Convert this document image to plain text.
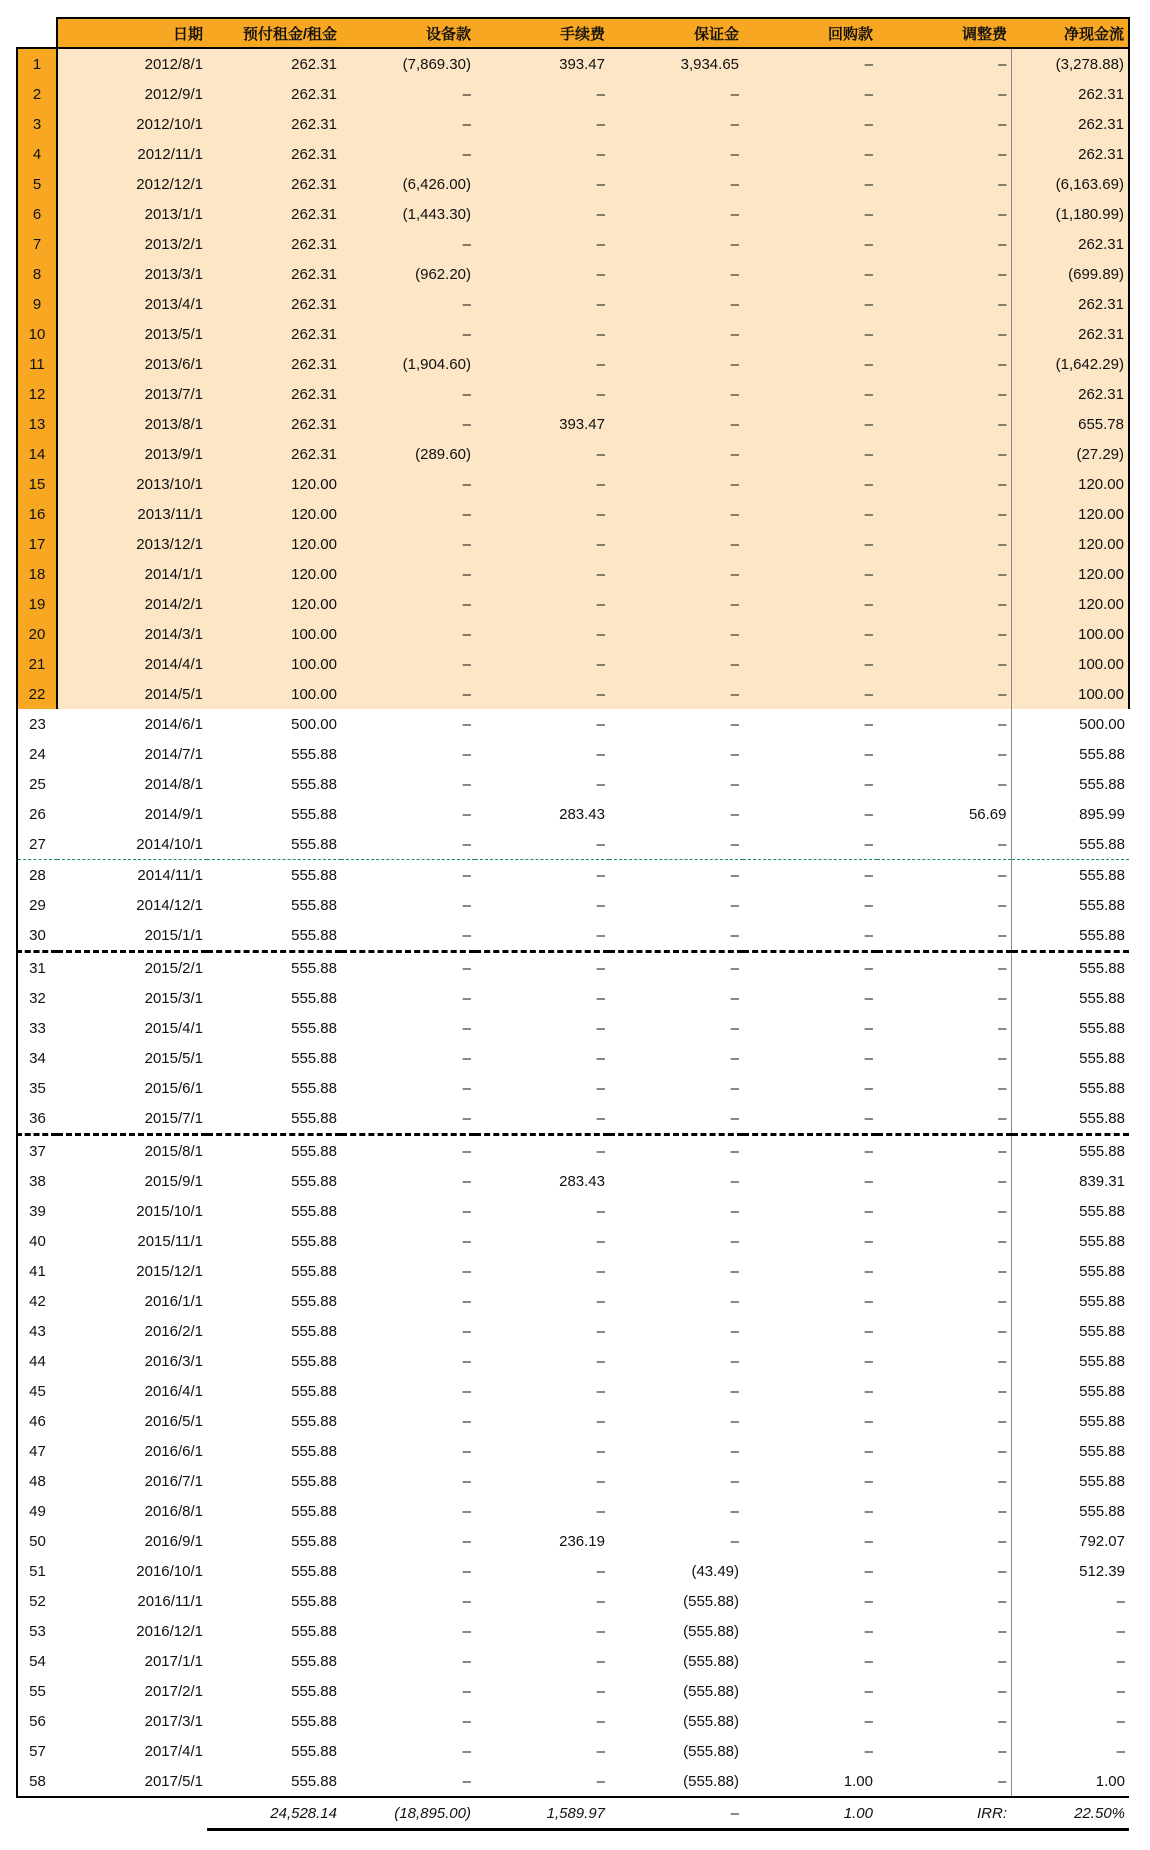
	日期	预付租金/租金	设备款	手续费	保证金	回购款	调整费	净现金流
1	2012/8/1	262.31	(7,869.30)	393.47	3,934.65	–	–	(3,278.88)
2	2012/9/1	262.31	–	–	–	–	–	262.31
3	2012/10/1	262.31	–	–	–	–	–	262.31
4	2012/11/1	262.31	–	–	–	–	–	262.31
5	2012/12/1	262.31	(6,426.00)	–	–	–	–	(6,163.69)
6	2013/1/1	262.31	(1,443.30)	–	–	–	–	(1,180.99)
7	2013/2/1	262.31	–	–	–	–	–	262.31
8	2013/3/1	262.31	(962.20)	–	–	–	–	(699.89)
9	2013/4/1	262.31	–	–	–	–	–	262.31
10	2013/5/1	262.31	–	–	–	–	–	262.31
11	2013/6/1	262.31	(1,904.60)	–	–	–	–	(1,642.29)
12	2013/7/1	262.31	–	–	–	–	–	262.31
13	2013/8/1	262.31	–	393.47	–	–	–	655.78
14	2013/9/1	262.31	(289.60)	–	–	–	–	(27.29)
15	2013/10/1	120.00	–	–	–	–	–	120.00
16	2013/11/1	120.00	–	–	–	–	–	120.00
17	2013/12/1	120.00	–	–	–	–	–	120.00
18	2014/1/1	120.00	–	–	–	–	–	120.00
19	2014/2/1	120.00	–	–	–	–	–	120.00
20	2014/3/1	100.00	–	–	–	–	–	100.00
21	2014/4/1	100.00	–	–	–	–	–	100.00
22	2014/5/1	100.00	–	–	–	–	–	100.00
23	2014/6/1	500.00	–	–	–	–	–	500.00
24	2014/7/1	555.88	–	–	–	–	–	555.88
25	2014/8/1	555.88	–	–	–	–	–	555.88
26	2014/9/1	555.88	–	283.43	–	–	56.69	895.99
27	2014/10/1	555.88	–	–	–	–	–	555.88
28	2014/11/1	555.88	–	–	–	–	–	555.88
29	2014/12/1	555.88	–	–	–	–	–	555.88
30	2015/1/1	555.88	–	–	–	–	–	555.88
31	2015/2/1	555.88	–	–	–	–	–	555.88
32	2015/3/1	555.88	–	–	–	–	–	555.88
33	2015/4/1	555.88	–	–	–	–	–	555.88
34	2015/5/1	555.88	–	–	–	–	–	555.88
35	2015/6/1	555.88	–	–	–	–	–	555.88
36	2015/7/1	555.88	–	–	–	–	–	555.88
37	2015/8/1	555.88	–	–	–	–	–	555.88
38	2015/9/1	555.88	–	283.43	–	–	–	839.31
39	2015/10/1	555.88	–	–	–	–	–	555.88
40	2015/11/1	555.88	–	–	–	–	–	555.88
41	2015/12/1	555.88	–	–	–	–	–	555.88
42	2016/1/1	555.88	–	–	–	–	–	555.88
43	2016/2/1	555.88	–	–	–	–	–	555.88
44	2016/3/1	555.88	–	–	–	–	–	555.88
45	2016/4/1	555.88	–	–	–	–	–	555.88
46	2016/5/1	555.88	–	–	–	–	–	555.88
47	2016/6/1	555.88	–	–	–	–	–	555.88
48	2016/7/1	555.88	–	–	–	–	–	555.88
49	2016/8/1	555.88	–	–	–	–	–	555.88
50	2016/9/1	555.88	–	236.19	–	–	–	792.07
51	2016/10/1	555.88	–	–	(43.49)	–	–	512.39
52	2016/11/1	555.88	–	–	(555.88)	–	–	–
53	2016/12/1	555.88	–	–	(555.88)	–	–	–
54	2017/1/1	555.88	–	–	(555.88)	–	–	–
55	2017/2/1	555.88	–	–	(555.88)	–	–	–
56	2017/3/1	555.88	–	–	(555.88)	–	–	–
57	2017/4/1	555.88	–	–	(555.88)	–	–	–
58	2017/5/1	555.88	–	–	(555.88)	1.00	–	1.00
		24,528.14	(18,895.00)	1,589.97	–	1.00	IRR:	22.50%
